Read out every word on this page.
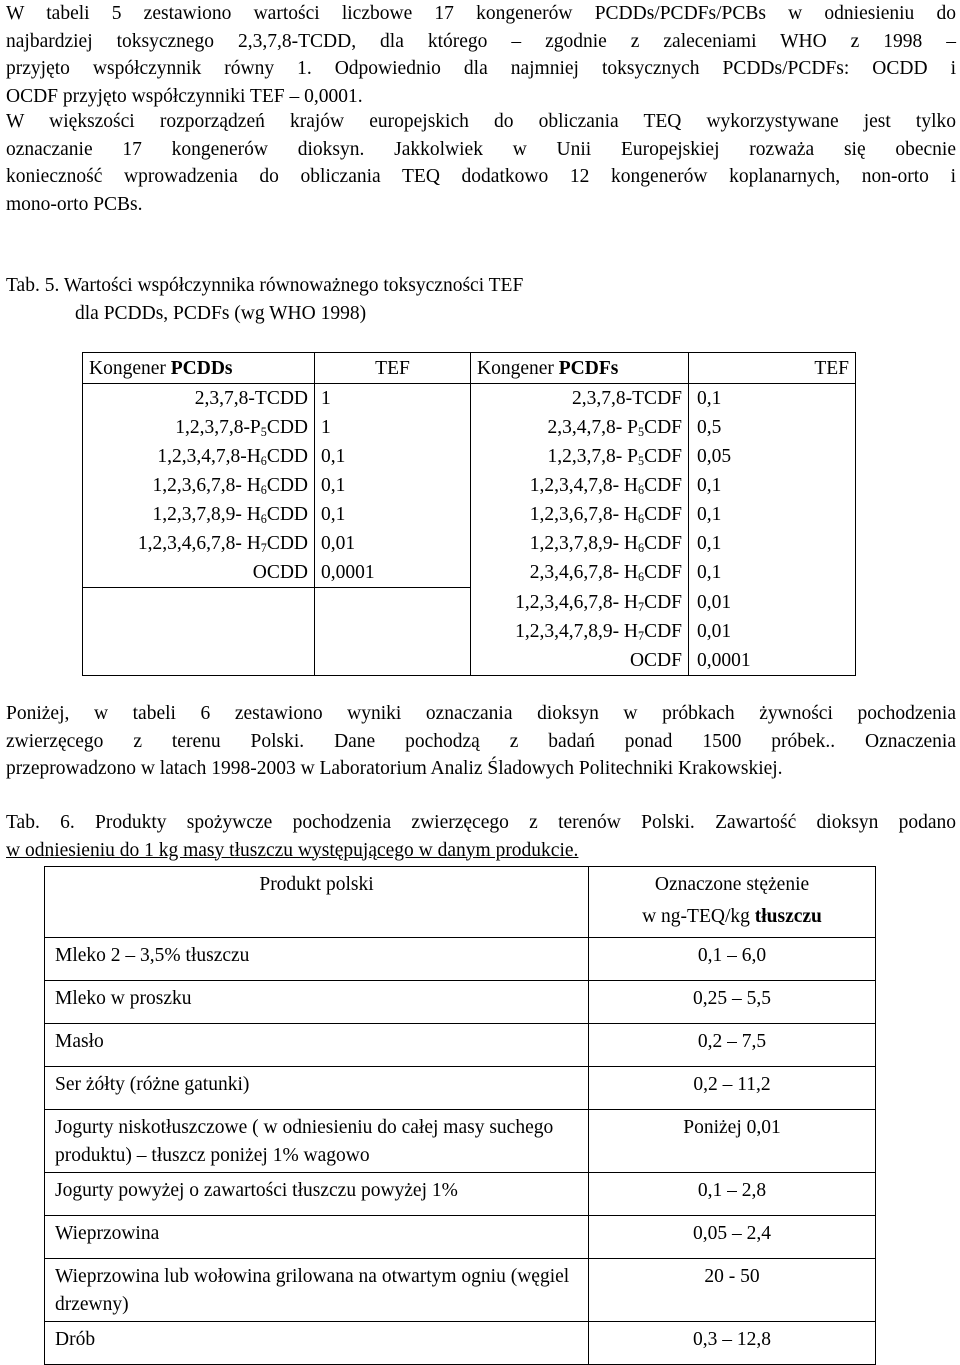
W tabeli 5 zestawiono wartości liczbowe 17 kongenerów PCDDs/PCDFs/PCBs w odniesieniu do
najbardziej toksycznego 2,3,7,8-TCDD, dla którego – zgodnie z zaleceniami WHO z 1998 –
przyjęto współczynnik równy 1. Odpowiednio dla najmniej toksycznych PCDDs/PCDFs: OCDD i
OCDF przyjęto współczynniki TEF – 0,0001.
W większości rozporządzeń krajów europejskich do obliczania TEQ wykorzystywane jest tylko
oznaczanie 17 kongenerów dioksyn. Jakkolwiek w Unii Europejskiej rozważa się obecnie
konieczność wprowadzenia do obliczania TEQ dodatkowo 12 kongenerów koplanarnych, non-orto i
mono-orto PCBs.
Tab. 5. Wartości współczynnika równoważnego toksyczności TEF
dla PCDDs, PCDFs (wg WHO 1998)
Kongener PCDDs	TEF	Kongener PCDFs	TEF
2,3,7,8-TCDD	1	2,3,7,8-TCDF	0,1
$1,2,3,7,8-P_5CDD$	1	2,3,4,7,8- $P_5CDF$	0,5
$1,2,3,4,7,8-H_6CDD$	0,1	1,2,3,7,8- $P_5CDF$	0,05
1,2,3,6,7,8- $H_6CDD$	0,1	1,2,3,4,7,8- $H_6CDF$	0,1
1,2,3,7,8,9- $H_6CDD$	0,1	1,2,3,6,7,8- $H_6CDF$	0,1
1,2,3,4,6,7,8- $H_7CDD$	0,01	1,2,3,7,8,9- $H_6CDF$	0,1
OCDD	0,0001	2,3,4,6,7,8- $H_6CDF$	0,1
		1,2,3,4,6,7,8- $H_7CDF$	0,01
		1,2,3,4,7,8,9- $H_7CDF$	0,01
		OCDF	0,0001
Poniżej, w tabeli 6 zestawiono wyniki oznaczania dioksyn w próbkach żywności pochodzenia
zwierzęcego z terenu Polski. Dane pochodzą z badań ponad 1500 próbek.. Oznaczenia
przeprowadzono w latach 1998-2003 w Laboratorium Analiz Śladowych Politechniki Krakowskiej.
Tab. 6. Produkty spożywcze pochodzenia zwierzęcego z terenów Polski. Zawartość dioksyn podano
w odniesieniu do 1 kg masy tłuszczu występującego w danym produkcie.
Produkt polski	Oznaczone stężenie
w ng-TEQ/kg tłuszczu

Mleko 2 – 3,5% tłuszczu	0,1 – 6,0
Mleko w proszku	0,25 – 5,5
Masło	0,2 – 7,5
Ser żółty (różne gatunki)	0,2 – 11,2
Jogurty niskotłuszczowe ( w odniesieniu do całej masy suchego produktu) – tłuszcz poniżej 1% wagowo	Poniżej 0,01
Jogurty powyżej o zawartości tłuszczu powyżej 1%	0,1 – 2,8
Wieprzowina	0,05 – 2,4
Wieprzowina lub wołowina grilowana na otwartym ogniu (węgiel drzewny)	20 - 50
Drób	0,3 – 12,8
